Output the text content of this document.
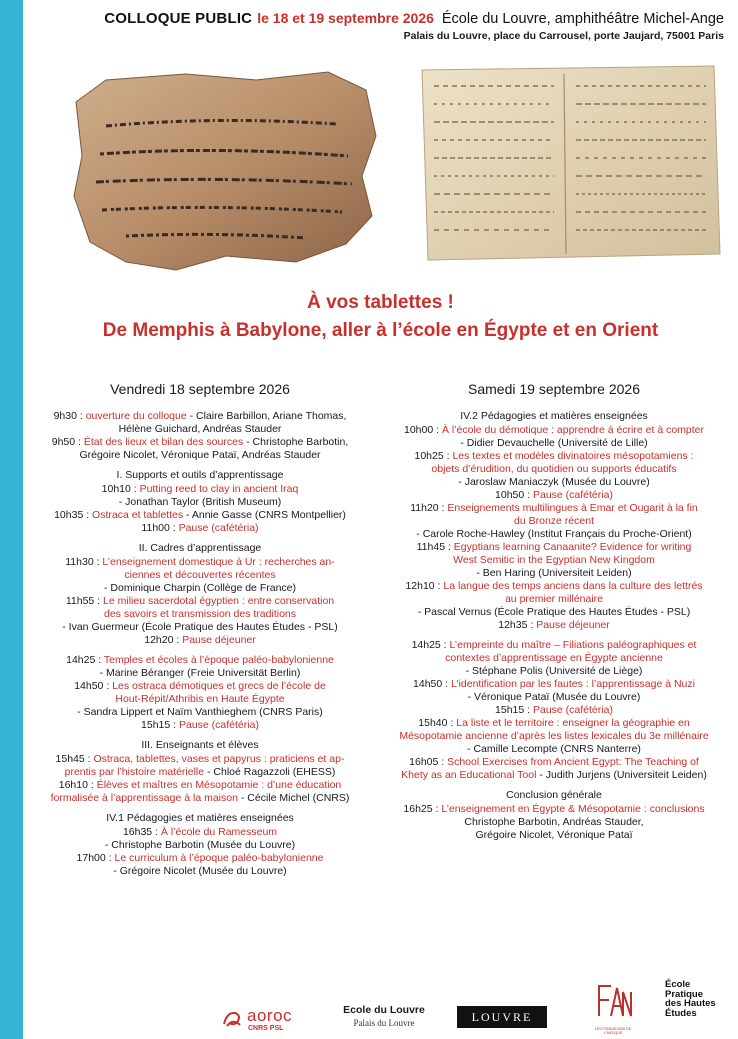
COLLOQUE PUBLIC le 18 et 19 septembre 2026 École du Louvre, amphithéâtre Michel-Ange
Palais du Louvre, place du Carrousel, porte Jaujard, 75001 Paris
À vos tablettes !
De Memphis à Babylone, aller à l’école en Égypte et en Orient
Vendredi 18 septembre 2026
9h30 : ouverture du colloque - Claire Barbillon, Ariane Thomas,
Hélène Guichard, Andréas Stauder
9h50 : État des lieux et bilan des sources - Christophe Barbotin,
Grégoire Nicolet, Véronique Pataï, Andréas Stauder
I. Supports et outils d’apprentissage
10h10 : Putting reed to clay in ancient Iraq
- Jonathan Taylor (British Museum)
10h35 : Ostraca et tablettes - Annie Gasse (CNRS Montpellier)
11h00 : Pause (cafétéria)
II. Cadres d’apprentissage
11h30 : L’enseignement domestique à Ur : recherches an-
ciennes et découvertes récentes
- Dominique Charpin (Collège de France)
11h55 : Le milieu sacerdotal égyptien : entre conservation
des savoirs et transmission des traditions
- Ivan Guermeur (École Pratique des Hautes Études - PSL)
12h20 : Pause déjeuner
14h25 : Temples et écoles à l’époque paléo-babylonienne
- Marine Béranger (Freie Universität Berlin)
14h50 : Les ostraca démotiques et grecs de l’école de
Hout-Répit/Athribis en Haute Égypte
- Sandra Lippert et Naïm Vanthieghem (CNRS Paris)
15h15 : Pause (cafétéria)
III. Enseignants et élèves
15h45 : Ostraca, tablettes, vases et papyrus : praticiens et ap-
prentis par l’histoire matérielle - Chloé Ragazzoli (EHESS)
16h10 : Élèves et maîtres en Mésopotamie : d’une éducation
formalisée à l’apprentissage à la maison - Cécile Michel (CNRS)
IV.1 Pédagogies et matières enseignées
16h35 : À l’école du Ramesseum
- Christophe Barbotin (Musée du Louvre)
17h00 : Le curriculum à l’époque paléo-babylonienne
- Grégoire Nicolet (Musée du Louvre)
Samedi 19 septembre 2026
IV.2 Pédagogies et matières enseignées
10h00 : À l’école du démotique : apprendre à écrire et à compter
- Didier Devauchelle (Université de Lille)
10h25 : Les textes et modèles divinatoires mésopotamiens :
objets d’érudition, du quotidien ou supports éducatifs
- Jaroslaw Maniaczyk (Musée du Louvre)
10h50 : Pause (cafétéria)
11h20 : Enseignements multilingues à Emar et Ougarit à la fin
du Bronze récent
- Carole Roche-Hawley (Institut Français du Proche-Orient)
11h45 : Egyptians learning Canaanite? Evidence for writing
West Semitic in the Egyptian New Kingdom
- Ben Haring (Universiteit Leiden)
12h10 : La langue des temps anciens dans la culture des lettrés
au premier millénaire
- Pascal Vernus (École Pratique des Hautes Études - PSL)
12h35 : Pause déjeuner
14h25 : L’empreinte du maître – Filiations paléographiques et
contextes d’apprentissage en Égypte ancienne
- Stéphane Polis (Université de Liège)
14h50 : L’identification par les fautes : l’apprentissage à Nuzi
- Véronique Pataï (Musée du Louvre)
15h15 : Pause (cafétéria)
15h40 : La liste et le territoire : enseigner la géographie en
Mésopotamie ancienne d’après les listes lexicales du 3e millénaire
- Camille Lecompte (CNRS Nanterre)
16h05 : School Exercises from Ancient Egypt: The Teaching of
Khety as an Educational Tool - Judith Jurjens (Universiteit Leiden)
Conclusion générale
16h25 : L’enseignement en Égypte & Mésopotamie : conclusions
Christophe Barbotin, Andréas Stauder,
Grégoire Nicolet, Véronique Pataï
aoroc
CNRS PSL
Ecole du Louvre
Palais du Louvre	LOUVRE
LES FONDATIONS DE L’ANTIQUE
École
Pratique
des Hautes
Études
